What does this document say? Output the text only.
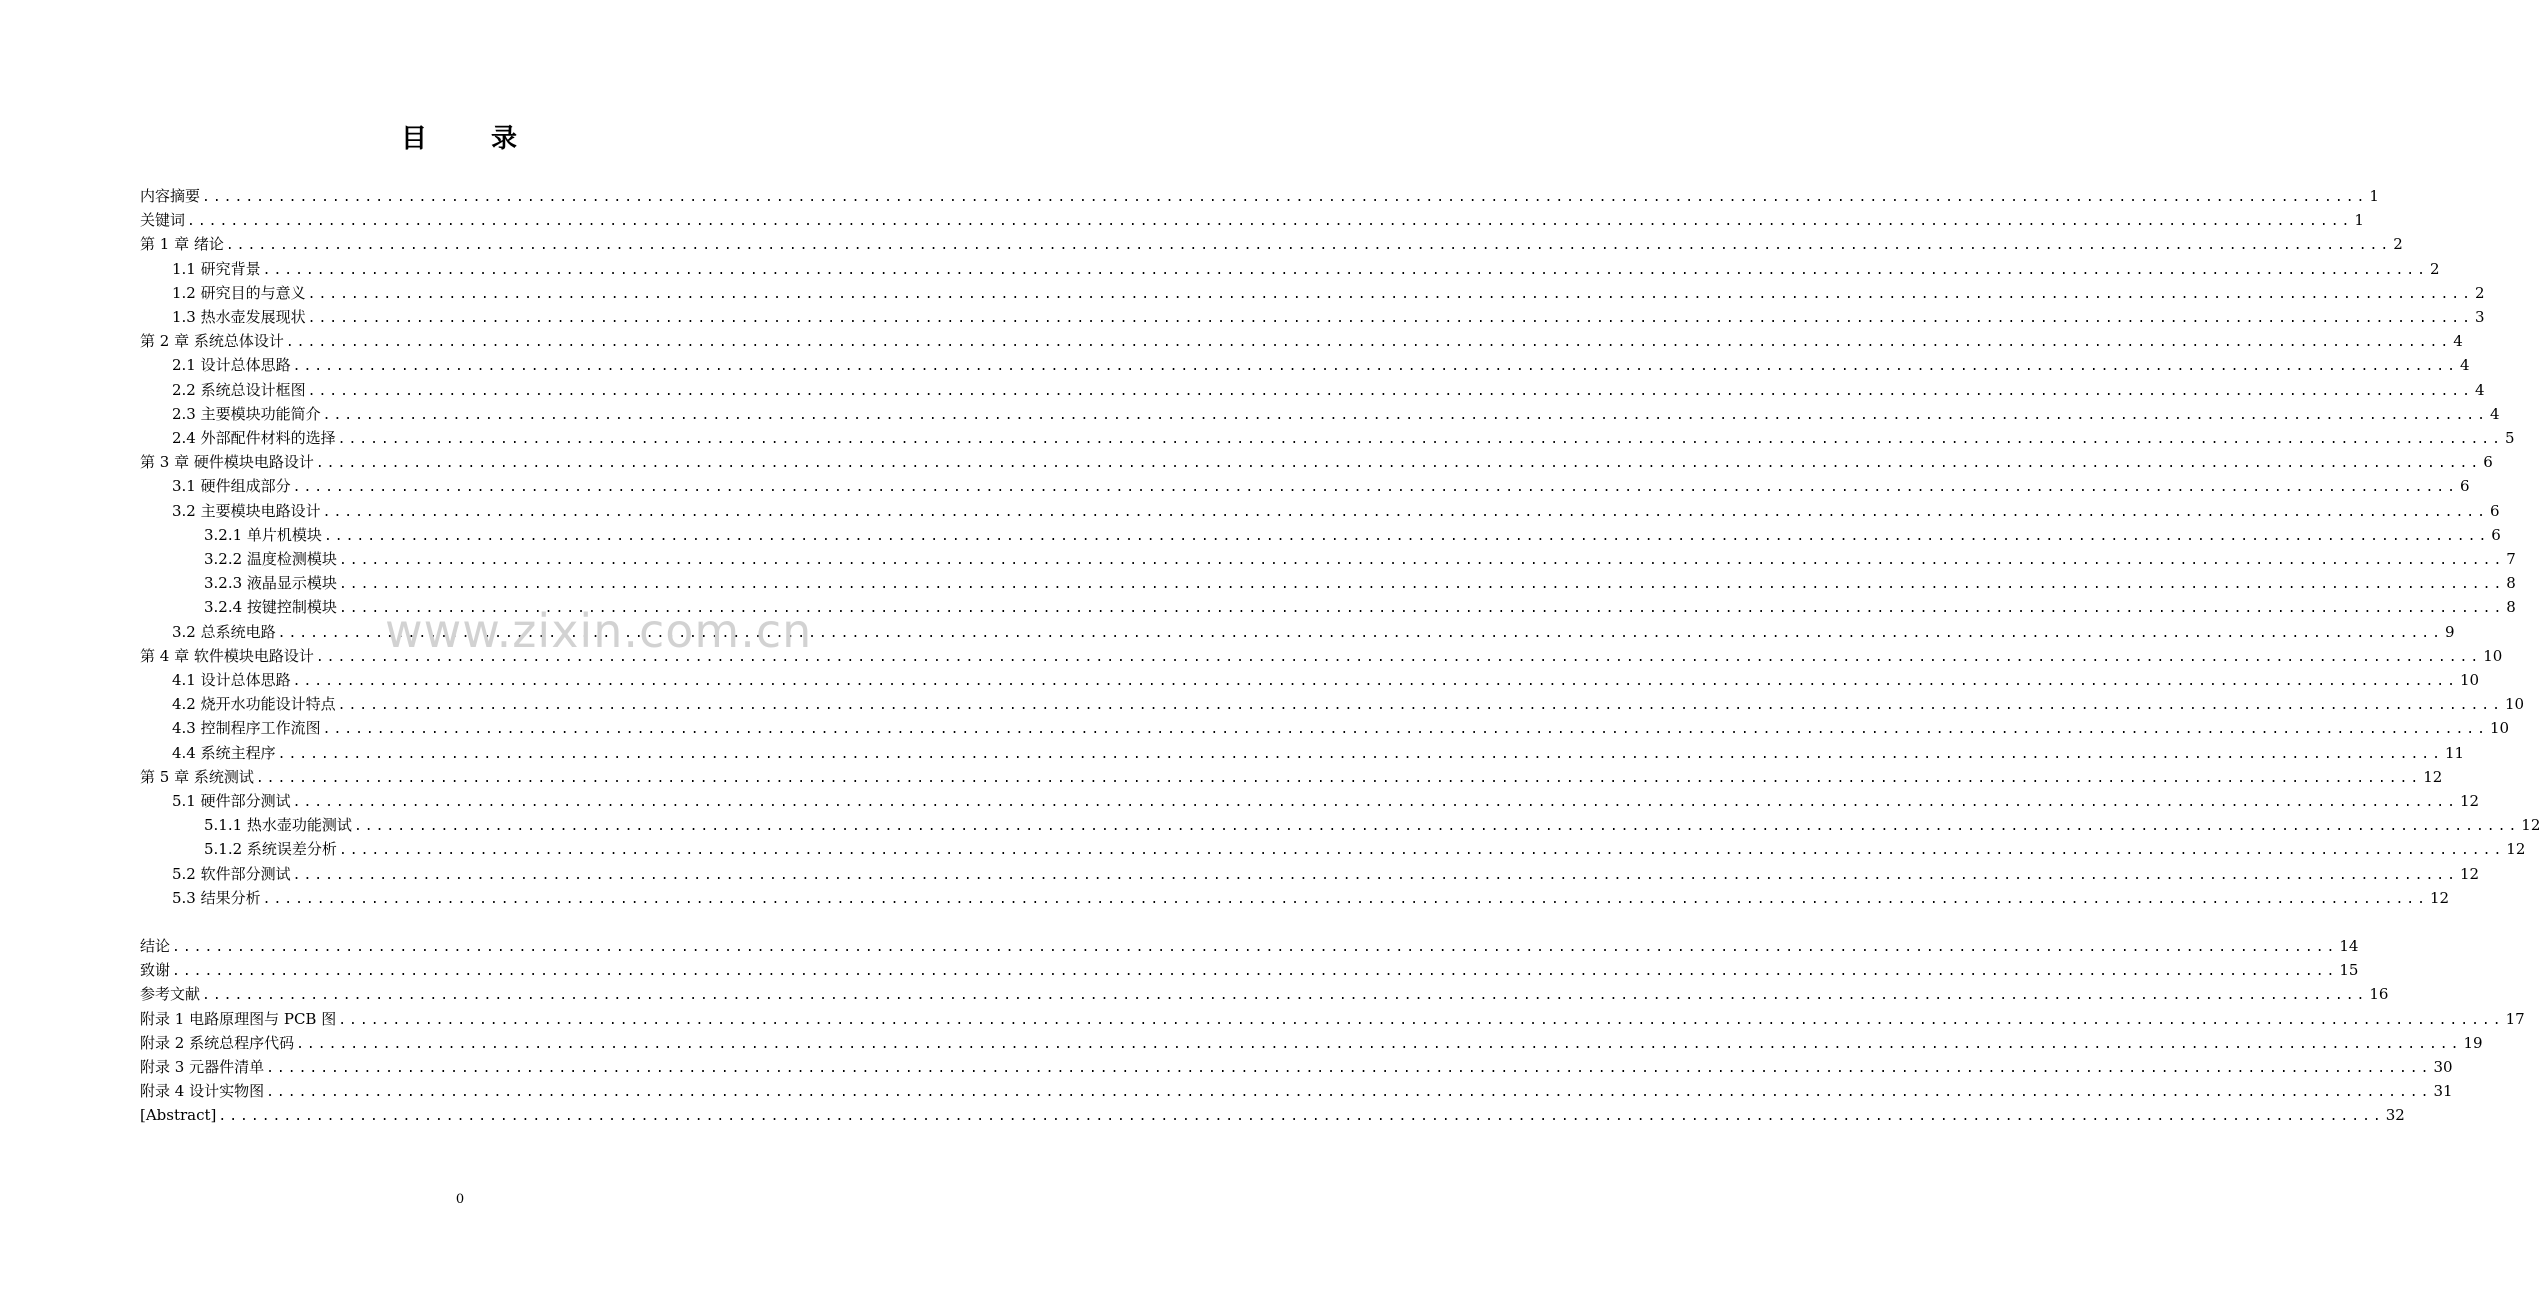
目 录
内容摘要 ........................................................................................................................................................................................................ 1
关键词 ........................................................................................................................................................................................................ 1
第 1 章 绪论 ........................................................................................................................................................................................................ 2
1.1 研究背景 ........................................................................................................................................................................................................ 2
1.2 研究目的与意义 ........................................................................................................................................................................................................ 2
1.3 热水壶发展现状 ........................................................................................................................................................................................................ 3
第 2 章 系统总体设计 ........................................................................................................................................................................................................ 4
2.1 设计总体思路 ........................................................................................................................................................................................................ 4
2.2 系统总设计框图 ........................................................................................................................................................................................................ 4
2.3 主要模块功能简介 ........................................................................................................................................................................................................ 4
2.4 外部配件材料的选择 ........................................................................................................................................................................................................ 5
第 3 章 硬件模块电路设计 ........................................................................................................................................................................................................ 6
3.1 硬件组成部分 ........................................................................................................................................................................................................ 6
3.2 主要模块电路设计 ........................................................................................................................................................................................................ 6
3.2.1 单片机模块 ........................................................................................................................................................................................................ 6
3.2.2 温度检测模块 ........................................................................................................................................................................................................ 7
3.2.3 液晶显示模块 ........................................................................................................................................................................................................ 8
3.2.4 按键控制模块 ........................................................................................................................................................................................................ 8
3.2 总系统电路 ........................................................................................................................................................................................................ 9
第 4 章 软件模块电路设计 ........................................................................................................................................................................................................ 10
4.1 设计总体思路 ........................................................................................................................................................................................................ 10
4.2 烧开水功能设计特点 ........................................................................................................................................................................................................ 10
4.3 控制程序工作流图 ........................................................................................................................................................................................................ 10
4.4 系统主程序 ........................................................................................................................................................................................................ 11
第 5 章 系统测试 ........................................................................................................................................................................................................ 12
5.1 硬件部分测试 ........................................................................................................................................................................................................ 12
5.1.1 热水壶功能测试 ........................................................................................................................................................................................................ 12
5.1.2 系统误差分析 ........................................................................................................................................................................................................ 12
5.2 软件部分测试 ........................................................................................................................................................................................................ 12
5.3 结果分析 ........................................................................................................................................................................................................ 12
结论 ........................................................................................................................................................................................................ 14
致谢 ........................................................................................................................................................................................................ 15
参考文献 ........................................................................................................................................................................................................ 16
附录 1 电路原理图与 PCB 图 ........................................................................................................................................................................................................ 17
附录 2 系统总程序代码 ........................................................................................................................................................................................................ 19
附录 3 元器件清单 ........................................................................................................................................................................................................ 30
附录 4 设计实物图 ........................................................................................................................................................................................................ 31
[Abstract] ........................................................................................................................................................................................................ 32
www.zixin.com.cn
0
